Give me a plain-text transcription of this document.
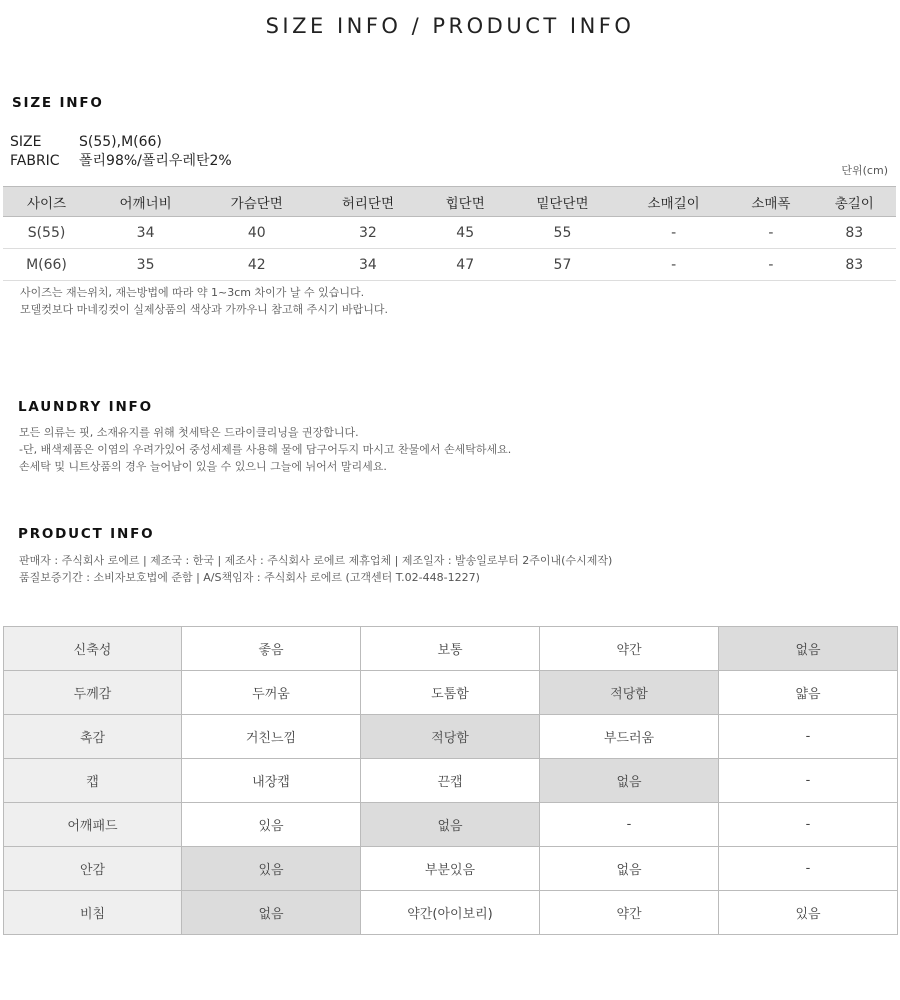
SIZE INFO / PRODUCT INFO
SIZE INFO
SIZE	S(55),M(66)
FABRIC 폴리98%/폴리우레탄2%
단위(cm)
사이즈	어깨너비	가슴단면	허리단면	힙단면	밑단단면	소매길이	소매폭	총길이
S(55)	34	40	32	45	55	-	-	83
M(66)	35	42	34	47	57	-	-	83
사이즈는 재는위치, 재는방법에 따라 약 1~3cm 차이가 날 수 있습니다.
모델컷보다 마네킹컷이 실제상품의 색상과 가까우니 참고해 주시기 바랍니다.
LAUNDRY INFO
모든 의류는 핏, 소재유지를 위해 첫세탁은 드라이클리닝을 권장합니다.
-단, 배색제품은 이염의 우려가있어 중성세제를 사용해 물에 담구어두지 마시고 찬물에서 손세탁하세요.
손세탁 및 니트상품의 경우 늘어남이 있을 수 있으니 그늘에 뉘어서 말리세요.
PRODUCT INFO
판매자 : 주식회사 로에르 | 제조국 : 한국 | 제조사 : 주식회사 로에르 제휴업체 | 제조일자 : 발송일로부터 2주이내(수시제작)
품질보증기간 : 소비자보호법에 준함 | A/S책임자 : 주식회사 로에르 (고객센터 T.02-448-1227)
신축성	좋음	보통	약간	없음
두께감	두꺼움	도톰함	적당함	얇음
촉감	거친느낌	적당함	부드러움	-
캡	내장캡	끈캡	없음	-
어깨패드	있음	없음	-	-
안감	있음	부분있음	없음	-
비침	없음	약간(아이보리)	약간	있음
